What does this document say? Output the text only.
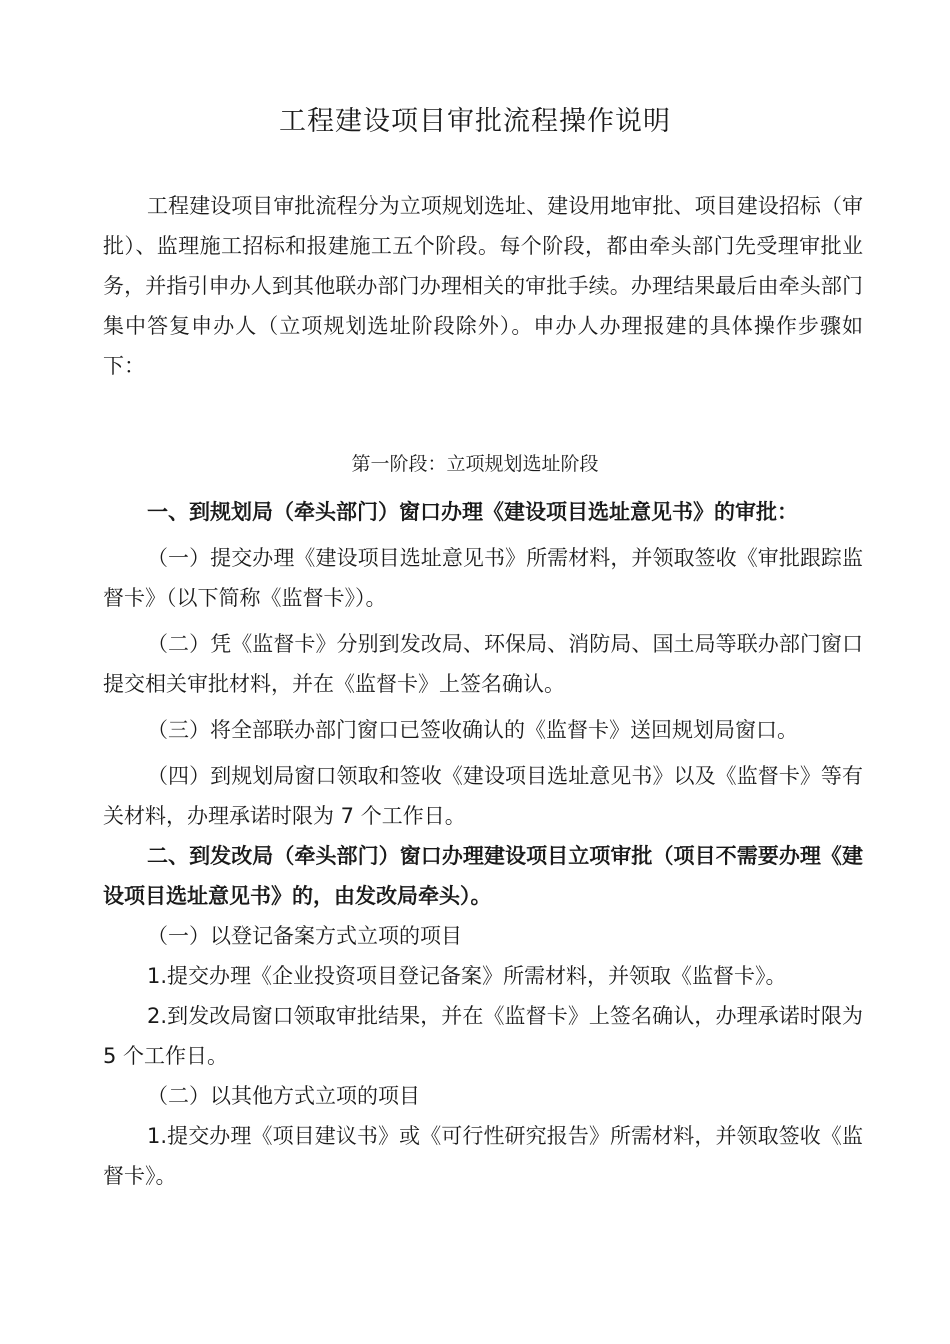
工程建设项目审批流程操作说明

工程建设项目审批流程分为立项规划选址、建设用地审批、项目建设招标（审批）、监理施工招标和报建施工五个阶段。每个阶段，都由牵头部门先受理审批业务，并指引申办人到其他联办部门办理相关的审批手续。办理结果最后由牵头部门集中答复申办人（立项规划选址阶段除外）。申办人办理报建的具体操作步骤如下：

第一阶段：立项规划选址阶段

一、到规划局（牵头部门）窗口办理《建设项目选址意见书》的审批：

（一）提交办理《建设项目选址意见书》所需材料，并领取签收《审批跟踪监督卡》（以下简称《监督卡》）。

（二）凭《监督卡》分别到发改局、环保局、消防局、国土局等联办部门窗口提交相关审批材料，并在《监督卡》上签名确认。

（三）将全部联办部门窗口已签收确认的《监督卡》送回规划局窗口。

（四）到规划局窗口领取和签收《建设项目选址意见书》以及《监督卡》等有关材料，办理承诺时限为 7 个工作日。

二、到发改局（牵头部门）窗口办理建设项目立项审批（项目不需要办理《建设项目选址意见书》的，由发改局牵头）。

（一）以登记备案方式立项的项目

1.提交办理《企业投资项目登记备案》所需材料，并领取《监督卡》。

2.到发改局窗口领取审批结果，并在《监督卡》上签名确认，办理承诺时限为 5 个工作日。

（二）以其他方式立项的项目

1.提交办理《项目建议书》或《可行性研究报告》所需材料，并领取签收《监督卡》。
